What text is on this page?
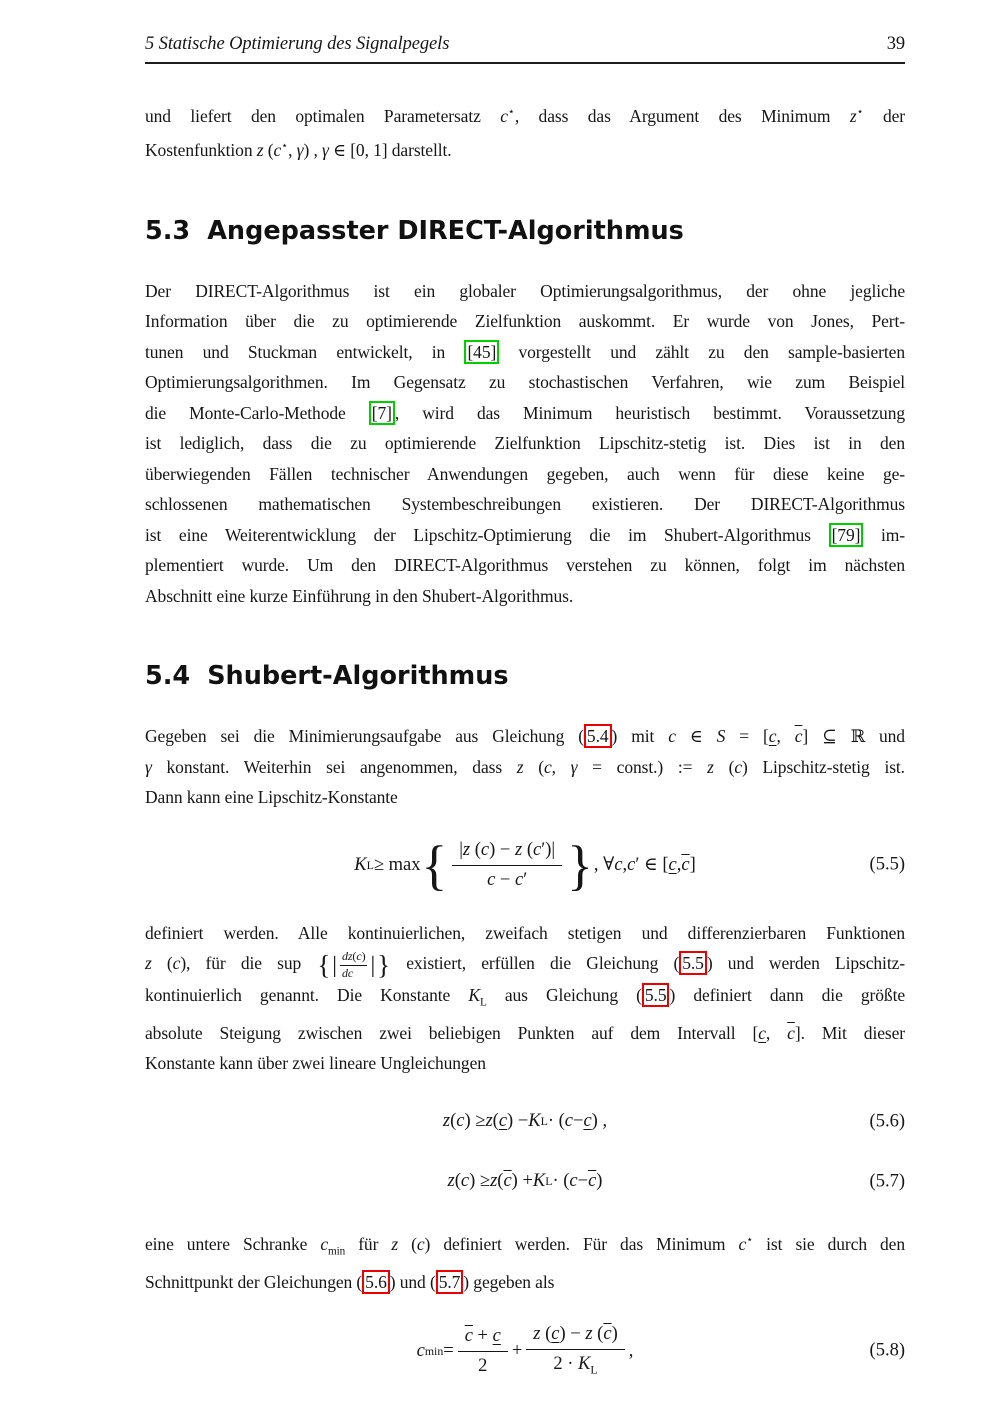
5 Statische Optimierung des Signalpegels	39
und liefert den optimalen Parametersatz c⋆, dass das Argument des Minimum z⋆ der
Kostenfunktion z (c⋆, γ) , γ ∈ [0, 1] darstellt.
5.3 Angepasster DIRECT-Algorithmus
Der DIRECT-Algorithmus ist ein globaler Optimierungsalgorithmus, der ohne jegliche
Information über die zu optimierende Zielfunktion auskommt. Er wurde von Jones, Pert-
tunen und Stuckman entwickelt, in [45] vorgestellt und zählt zu den sample-basierten
Optimierungsalgorithmen. Im Gegensatz zu stochastischen Verfahren, wie zum Beispiel
die Monte-Carlo-Methode [7] , wird das Minimum heuristisch bestimmt. Voraussetzung
ist lediglich, dass die zu optimierende Zielfunktion Lipschitz-stetig ist. Dies ist in den
überwiegenden Fällen technischer Anwendungen gegeben, auch wenn für diese keine ge-
schlossenen mathematischen Systembeschreibungen existieren. Der DIRECT-Algorithmus
ist eine Weiterentwicklung der Lipschitz-Optimierung die im Shubert-Algorithmus [79] im-
plementiert wurde. Um den DIRECT-Algorithmus verstehen zu können, folgt im nächsten
Abschnitt eine kurze Einführung in den Shubert-Algorithmus.
5.4 Shubert-Algorithmus
Gegeben sei die Minimierungsaufgabe aus Gleichung ( 5.4 ) mit c ∈ S = [c, $\overline{c}$] ⊆ ℝ und
γ konstant. Weiterhin sei angenommen, dass z (c, γ = const.) := z (c) Lipschitz-stetig ist.
Dann kann eine Lipschitz-Konstante
K L ≥ max { |z (c) − z (c′)|
c − c′ } , ∀ c , c ′ ∈ [ c , $\overline{c}$ ]	(5.5)
definiert werden. Alle kontinuierlichen, zweifach stetigen und differenzierbaren Funktionen
z (c), für die sup {| $\frac{dz(c)}{dc}$ |} existiert, erfüllen die Gleichung ( 5.5 ) und werden Lipschitz-
kontinuierlich genannt. Die Konstante $K_L$ aus Gleichung ( 5.5 ) definiert dann die größte
absolute Steigung zwischen zwei beliebigen Punkten auf dem Intervall [c, $\overline{c}$]. Mit dieser
Konstante kann über zwei lineare Ungleichungen
z ( c ) ≥ z ( c ) − K L · ( c − c ) ,	(5.6)
z ( c ) ≥ z ( $\overline{c}$ ) + K L · ( $c - \overline{c}$ )	(5.7)
eine untere Schranke $c_{min}$ für z (c) definiert werden. Für das Minimum c⋆ ist sie durch den
Schnittpunkt der Gleichungen ( 5.6 ) und ( 5.7 ) gegeben als
c min =
$\overline{c} + c$
2
+
z (c) − z $(\overline{c})$
$2 \cdot K_L$
,	(5.8)
